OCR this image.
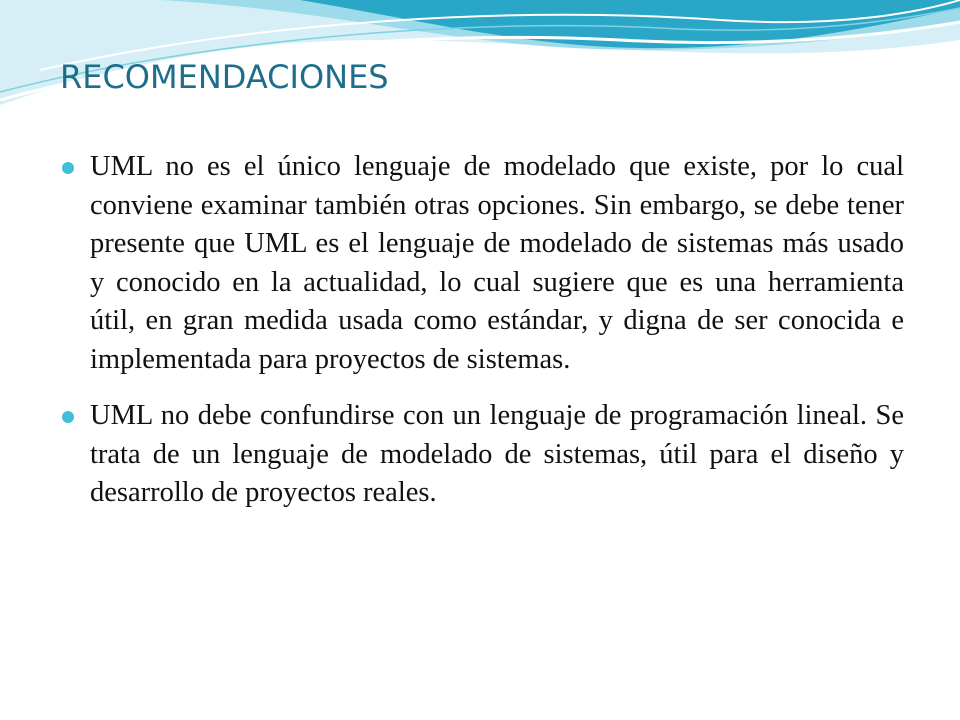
RECOMENDACIONES
UML no es el único lenguaje de modelado que existe, por lo cual conviene examinar también otras opciones. Sin embargo, se debe tener presente que UML es el lenguaje de modelado de sistemas más usado y conocido en la actualidad, lo cual sugiere que es una herramienta útil, en gran medida usada como estándar, y digna de ser conocida e implementada para proyectos de sistemas.
UML no debe confundirse con un lenguaje de programación lineal. Se trata de un lenguaje de modelado de sistemas, útil para el diseño y desarrollo de proyectos reales.
